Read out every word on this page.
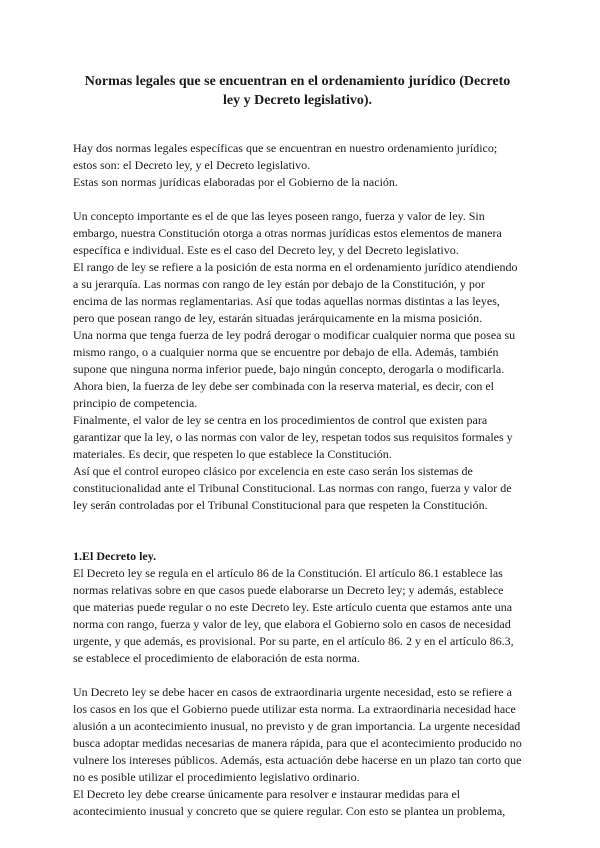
Normas legales que se encuentran en el ordenamiento jurídico (Decreto ley y Decreto legislativo).

Hay dos normas legales específicas que se encuentran en nuestro ordenamiento jurídico; estos son: el Decreto ley, y el Decreto legislativo.

Estas son normas jurídicas elaboradas por el Gobierno de la nación.

Un concepto importante es el de que las leyes poseen rango, fuerza y valor de ley. Sin embargo, nuestra Constitución otorga a otras normas jurídicas estos elementos de manera específica e individual. Este es el caso del Decreto ley, y del Decreto legislativo.

El rango de ley se refiere a la posición de esta norma en el ordenamiento jurídico atendiendo a su jerarquía. Las normas con rango de ley están por debajo de la Constitución, y por encima de las normas reglamentarias. Así que todas aquellas normas distintas a las leyes, pero que posean rango de ley, estarán situadas jerárquicamente en la misma posición.

Una norma que tenga fuerza de ley podrá derogar o modificar cualquier norma que posea su mismo rango, o a cualquier norma que se encuentre por debajo de ella. Además, también supone que ninguna norma inferior puede, bajo ningún concepto, derogarla o modificarla.

Ahora bien, la fuerza de ley debe ser combinada con la reserva material, es decir, con el principio de competencia.

Finalmente, el valor de ley se centra en los procedimientos de control que existen para garantizar que la ley, o las normas con valor de ley, respetan todos sus requisitos formales y materiales. Es decir, que respeten lo que establece la Constitución.

Así que el control europeo clásico por excelencia en este caso serán los sistemas de constitucionalidad ante el Tribunal Constitucional. Las normas con rango, fuerza y valor de ley serán controladas por el Tribunal Constitucional para que respeten la Constitución.

1.El Decreto ley.

El Decreto ley se regula en el artículo 86 de la Constitución. El artículo 86.1 establece las normas relativas sobre en que casos puede elaborarse un Decreto ley; y además, establece que materias puede regular o no este Decreto ley. Este artículo cuenta que estamos ante una norma con rango, fuerza y valor de ley, que elabora el Gobierno solo en casos de necesidad urgente, y que además, es provisional. Por su parte, en el artículo 86. 2 y en el artículo 86.3, se establece el procedimiento de elaboración de esta norma.

Un Decreto ley se debe hacer en casos de extraordinaria urgente necesidad, esto se refiere a los casos en los que el Gobierno puede utilizar esta norma. La extraordinaria necesidad hace alusión a un acontecimiento inusual, no previsto y de gran importancia. La urgente necesidad busca adoptar medidas necesarias de manera rápida, para que el acontecimiento producido no vulnere los intereses públicos. Además, esta actuación debe hacerse en un plazo tan corto que no es posible utilizar el procedimiento legislativo ordinario.

El Decreto ley debe crearse únicamente para resolver e instaurar medidas para el acontecimiento inusual y concreto que se quiere regular. Con esto se plantea un problema,
